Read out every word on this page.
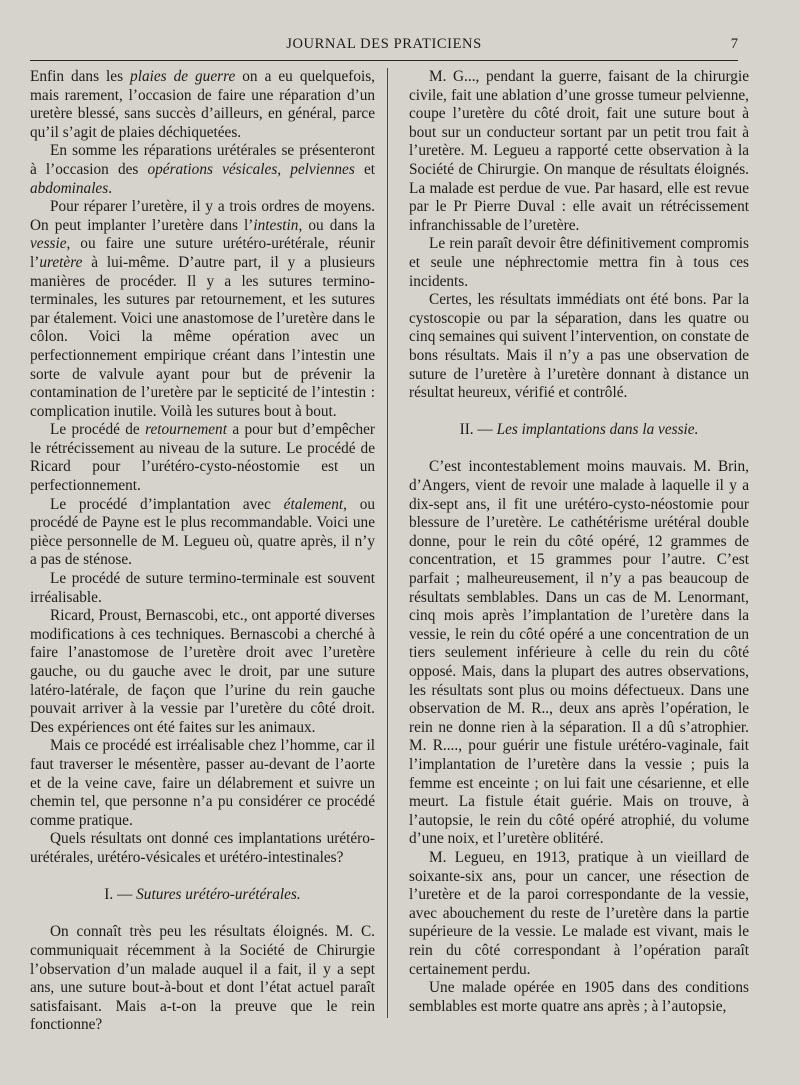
JOURNAL DES PRATICIENS	7

Enfin dans les plaies de guerre on a eu quelquefois, mais rarement, l’occasion de faire une réparation d’un uretère blessé, sans succès d’ailleurs, en général, parce qu’il s’agit de plaies déchiquetées.

En somme les réparations urétérales se présenteront à l’occasion des opérations vésicales, pelviennes et abdominales.

Pour réparer l’uretère, il y a trois ordres de moyens. On peut implanter l’uretère dans l’intestin, ou dans la vessie, ou faire une suture urétéro-urétérale, réunir l’uretère à lui-même. D’autre part, il y a plusieurs manières de procéder. Il y a les sutures termino-terminales, les sutures par retournement, et les sutures par étalement. Voici une anastomose de l’uretère dans le côlon. Voici la même opération avec un perfectionnement empirique créant dans l’intestin une sorte de valvule ayant pour but de prévenir la contamination de l’uretère par le septicité de l’intestin : complication inutile. Voilà les sutures bout à bout.

Le procédé de retournement a pour but d’empêcher le rétrécissement au niveau de la suture. Le procédé de Ricard pour l’urétéro-cysto-néostomie est un perfectionnement.

Le procédé d’implantation avec étalement, ou procédé de Payne est le plus recommandable. Voici une pièce personnelle de M. Legueu où, quatre après, il n’y a pas de sténose.

Le procédé de suture termino-terminale est souvent irréalisable.

Ricard, Proust, Bernascobi, etc., ont apporté diverses modifications à ces techniques. Bernascobi a cherché à faire l’anastomose de l’uretère droit avec l’uretère gauche, ou du gauche avec le droit, par une suture latéro-latérale, de façon que l’urine du rein gauche pouvait arriver à la vessie par l’uretère du côté droit. Des expériences ont été faites sur les animaux.

Mais ce procédé est irréalisable chez l’homme, car il faut traverser le mésentère, passer au-devant de l’aorte et de la veine cave, faire un délabrement et suivre un chemin tel, que personne n’a pu considérer ce procédé comme pratique.

Quels résultats ont donné ces implantations urétéro-urétérales, urétéro-vésicales et urétéro-intestinales?

I. — Sutures urétéro-urétérales.

On connaît très peu les résultats éloignés. M. C. communiquait récemment à la Société de Chirurgie l’observation d’un malade auquel il a fait, il y a sept ans, une suture bout-à-bout et dont l’état actuel paraît satisfaisant. Mais a-t-on la preuve que le rein fonctionne?

M. G..., pendant la guerre, faisant de la chirurgie civile, fait une ablation d’une grosse tumeur pelvienne, coupe l’uretère du côté droit, fait une suture bout à bout sur un conducteur sortant par un petit trou fait à l’uretère. M. Legueu a rapporté cette observation à la Société de Chirurgie. On manque de résultats éloignés. La malade est perdue de vue. Par hasard, elle est revue par le Pr Pierre Duval : elle avait un rétrécissement infranchissable de l’uretère.

Le rein paraît devoir être définitivement compromis et seule une néphrectomie mettra fin à tous ces incidents.

Certes, les résultats immédiats ont été bons. Par la cystoscopie ou par la séparation, dans les quatre ou cinq semaines qui suivent l’intervention, on constate de bons résultats. Mais il n’y a pas une observation de suture de l’uretère à l’uretère donnant à distance un résultat heureux, vérifié et contrôlé.

II. — Les implantations dans la vessie.

C’est incontestablement moins mauvais. M. Brin, d’Angers, vient de revoir une malade à laquelle il y a dix-sept ans, il fit une urétéro-cysto-néostomie pour blessure de l’uretère. Le cathétérisme urétéral double donne, pour le rein du côté opéré, 12 grammes de concentration, et 15 grammes pour l’autre. C’est parfait ; malheureusement, il n’y a pas beaucoup de résultats semblables. Dans un cas de M. Lenormant, cinq mois après l’implantation de l’uretère dans la vessie, le rein du côté opéré a une concentration de un tiers seulement inférieure à celle du rein du côté opposé. Mais, dans la plupart des autres observations, les résultats sont plus ou moins défectueux. Dans une observation de M. R.., deux ans après l’opération, le rein ne donne rien à la séparation. Il a dû s’atrophier. M. R...., pour guérir une fistule urétéro-vaginale, fait l’implantation de l’uretère dans la vessie ; puis la femme est enceinte ; on lui fait une césarienne, et elle meurt. La fistule était guérie. Mais on trouve, à l’autopsie, le rein du côté opéré atrophié, du volume d’une noix, et l’uretère oblitéré.

M. Legueu, en 1913, pratique à un vieillard de soixante-six ans, pour un cancer, une résection de l’uretère et de la paroi correspondante de la vessie, avec abouchement du reste de l’uretère dans la partie supérieure de la vessie. Le malade est vivant, mais le rein du côté correspondant à l’opération paraît certainement perdu.

Une malade opérée en 1905 dans des conditions semblables est morte quatre ans après ; à l’autopsie,
